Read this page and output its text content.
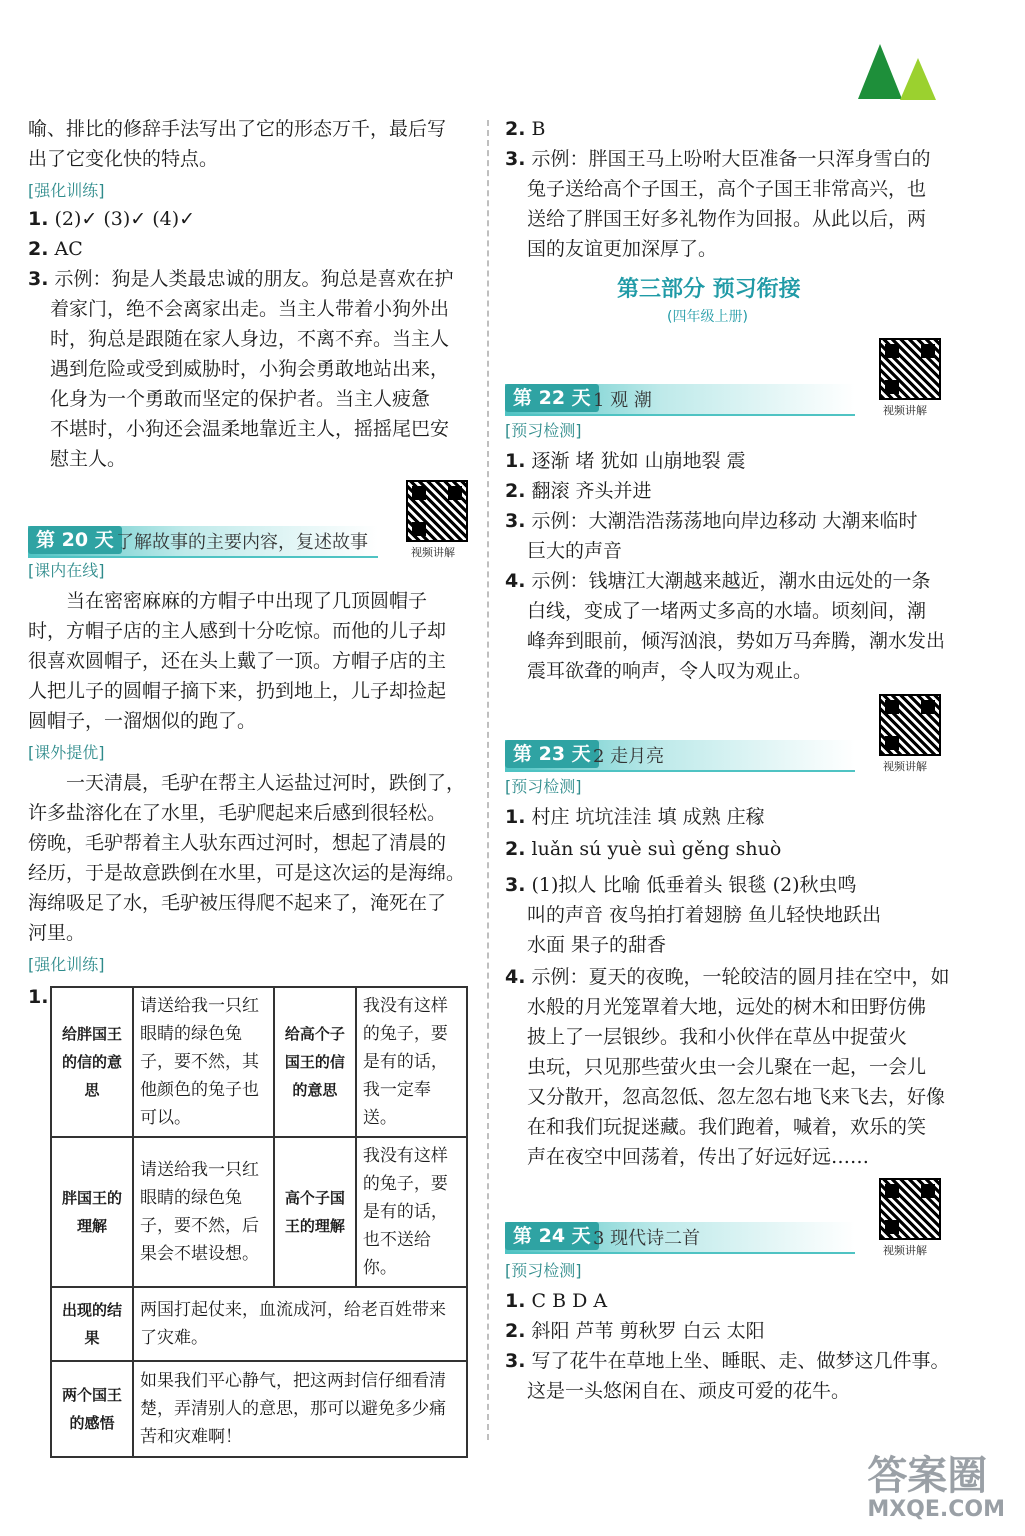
喻、排比的修辞手法写出了它的形态万千，最后写
出了它变化快的特点。
[强化训练]
1. (2)✓ (3)✓ (4)✓
2. AC
3. 示例：狗是人类最忠诚的朋友。狗总是喜欢在护
着家门，绝不会离家出走。当主人带着小狗外出
时，狗总是跟随在家人身边，不离不弃。当主人
遇到危险或受到威胁时，小狗会勇敢地站出来，
化身为一个勇敢而坚定的保护者。当主人疲惫
不堪时，小狗还会温柔地靠近主人，摇摇尾巴安
慰主人。
视频讲解
第 20 天 了解故事的主要内容，复述故事
[课内在线]
当在密密麻麻的方帽子中出现了几顶圆帽子
时，方帽子店的主人感到十分吃惊。而他的儿子却
很喜欢圆帽子，还在头上戴了一顶。方帽子店的主
人把儿子的圆帽子摘下来，扔到地上，儿子却捡起
圆帽子，一溜烟似的跑了。
[课外提优]
一天清晨，毛驴在帮主人运盐过河时，跌倒了，
许多盐溶化在了水里，毛驴爬起来后感到很轻松。
傍晚，毛驴帮着主人驮东西过河时，想起了清晨的
经历，于是故意跌倒在水里，可是这次运的是海绵。
海绵吸足了水，毛驴被压得爬不起来了，淹死在了
河里。
[强化训练]
1.
给胖国王的信的意思	请送给我一只红眼睛的绿色兔子，要不然，其他颜色的兔子也可以。	给高个子国王的信的意思	我没有这样的兔子，要是有的话，我一定奉送。
胖国王的理解	请送给我一只红眼睛的绿色兔子，要不然，后果会不堪设想。	高个子国王的理解	我没有这样的兔子，要是有的话，也不送给你。
出现的结果	两国打起仗来，血流成河，给老百姓带来了灾难。		
两个国王的感悟	如果我们平心静气，把这两封信仔细看清楚，弄清别人的意思，那可以避免多少痛苦和灾难啊！		
2. B
3. 示例：胖国王马上吩咐大臣准备一只浑身雪白的
兔子送给高个子国王，高个子国王非常高兴，也
送给了胖国王好多礼物作为回报。从此以后，两
国的友谊更加深厚了。
第三部分 预习衔接
(四年级上册)
视频讲解
第 22 天 1 观 潮
[预习检测]
1. 逐渐 堵 犹如 山崩地裂 震
2. 翻滚 齐头并进
3. 示例：大潮浩浩荡荡地向岸边移动 大潮来临时
巨大的声音
4. 示例：钱塘江大潮越来越近，潮水由远处的一条
白线，变成了一堵两丈多高的水墙。顷刻间，潮
峰奔到眼前，倾泻汹浪，势如万马奔腾，潮水发出
震耳欲聋的响声，令人叹为观止。
视频讲解
第 23 天 2 走月亮
[预习检测]
1. 村庄 坑坑洼洼 填 成熟 庄稼
2. luǎn sú yuè suì gěng shuò
3. (1)拟人 比喻 低垂着头 银毯 (2)秋虫鸣
叫的声音 夜鸟拍打着翅膀 鱼儿轻快地跃出
水面 果子的甜香
4. 示例：夏天的夜晚，一轮皎洁的圆月挂在空中，如
水般的月光笼罩着大地，远处的树木和田野仿佛
披上了一层银纱。我和小伙伴在草丛中捉萤火
虫玩，只见那些萤火虫一会儿聚在一起，一会儿
又分散开，忽高忽低、忽左忽右地飞来飞去，好像
在和我们玩捉迷藏。我们跑着，喊着，欢乐的笑
声在夜空中回荡着，传出了好远好远……
视频讲解
第 24 天 3 现代诗二首
[预习检测]
1. C B D A
2. 斜阳 芦苇 剪秋罗 白云 太阳
3. 写了花牛在草地上坐、睡眠、走、做梦这几件事。
这是一头悠闲自在、顽皮可爱的花牛。
答案圈
MXQE.COM
